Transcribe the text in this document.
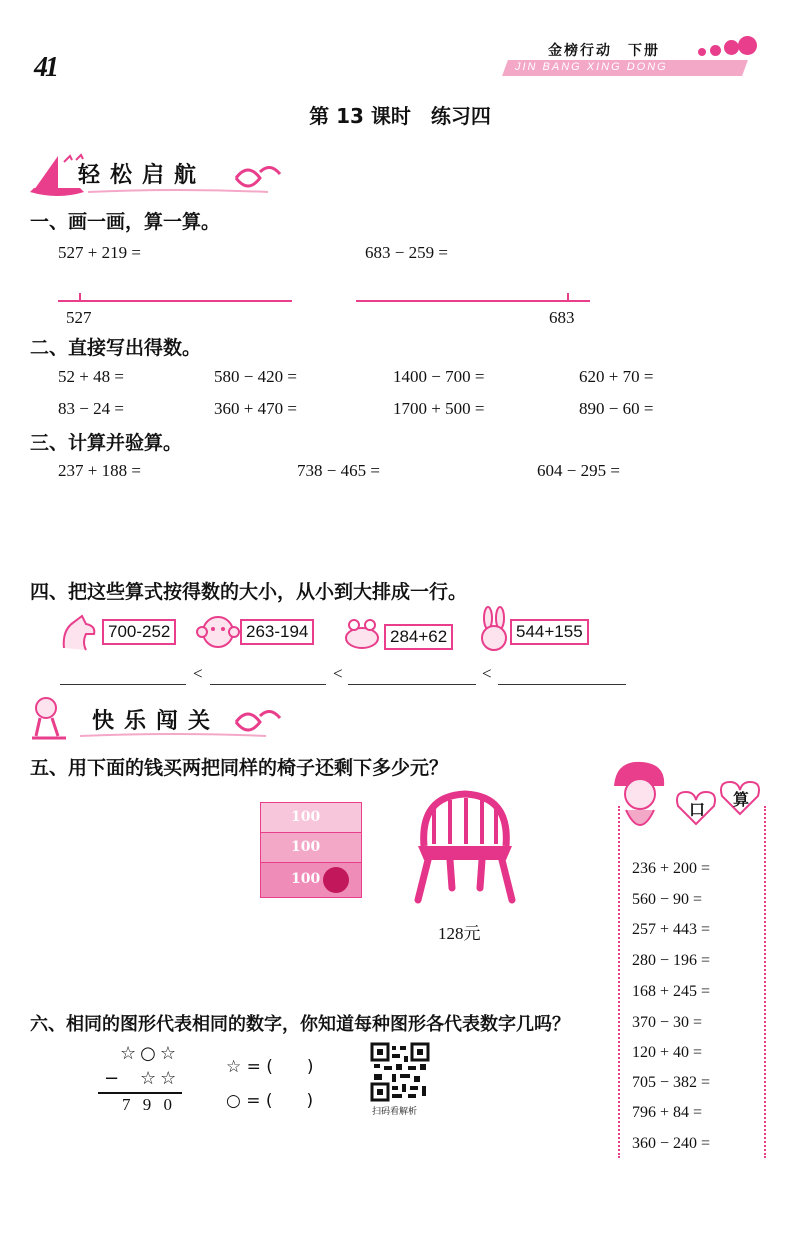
41
金榜行动　下册
JIN BANG XING DONG
第 13 课时　练习四
轻松启航
一、画一画，算一算。
527 + 219 =	683 − 259 =
527	683
二、直接写出得数。
52 + 48 =	580 − 420 =	1400 − 700 =	620 + 70 =
83 − 24 =	360 + 470 =	1700 + 500 =	890 − 60 =
三、计算并验算。
237 + 188 =	738 − 465 =	604 − 295 =
四、把这些算式按得数的大小，从小到大排成一行。
700-252	263-194	284+62	544+155
<	<	<
快乐闯关
五、用下面的钱买两把同样的椅子还剩下多少元？
100
100
100
128元
口
算
236 + 200 =
560 − 90 =
257 + 443 =
280 − 196 =
168 + 245 =
370 − 30 =
120 + 40 =
705 − 382 =
796 + 84 =
360 − 240 =
六、相同的图形代表相同的数字，你知道每种图形各代表数字几吗？
☆○☆
− ☆☆
7 9 0
☆ = (　　)
○ = (　　)
扫码看解析
